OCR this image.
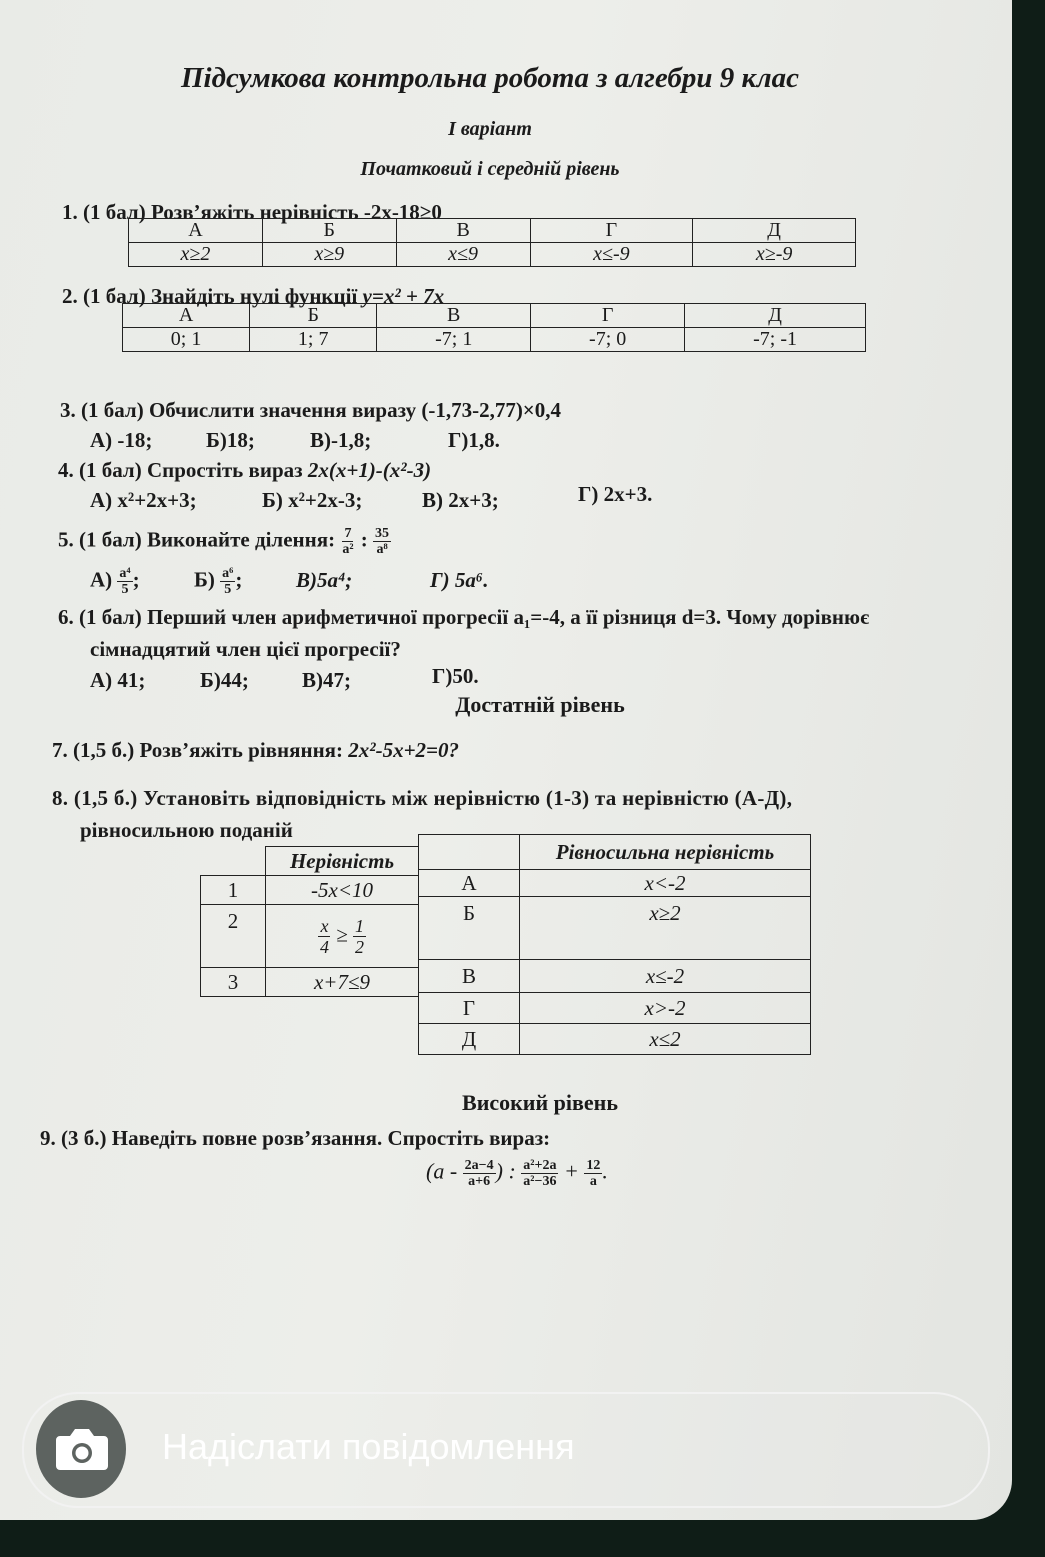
Підсумкова контрольна робота з алгебри 9 клас
І варіант
Початковий і середній рівень
1. (1 бал) Розв’яжіть нерівність -2х-18≥0
А	Б	В	Г	Д
x≥2	x≥9	x≤9	x≤-9	x≥-9
2. (1 бал) Знайдіть нулі функції y=x² + 7x
А	Б	В	Г	Д
0; 1	1; 7	-7; 1	-7; 0	-7; -1
3. (1 бал) Обчислити значення виразу (-1,73-2,77)×0,4
А) -18;	Б)18;	В)-1,8;	Г)1,8.
4. (1 бал) Спростіть вираз 2x(x+1)-(x²-3)
А) x²+2x+3;	Б) x²+2x-3;	В) 2x+3;	Г) 2x+3.
5. (1 бал) Виконайте ділення: $\frac{7}{\text{a²}}$ : $\frac{35}{\text{a⁸}}$
$А) \frac{\text{a⁴}}{5}$ ;	$Б) \frac{\text{a⁶}}{5}$ ;	В)5a⁴;	Г) 5a⁶.
6. (1 бал) Перший член арифметичної прогресії a₁=-4, а її різниця d=3. Чому дорівнює
сімнадцятий член цієї прогресії?
А) 41;	Б)44;	В)47;	Г)50.
Достатній рівень
7. (1,5 б.) Розв’яжіть рівняння: 2x²-5x+2=0?
8. (1,5 б.) Установіть відповідність між нерівністю (1-3) та нерівністю (А-Д),
рівносильною поданій
	Нерівність
1	-5x<10
2	$\frac{x}{4} \ge \frac{1}{2}$

3	x+7≤9
	Рівносильна нерівність
А	x<-2
Б	x≥2
В	x≤-2
Г	x>-2
Д	x≤2
Високий рівень
9. (3 б.) Наведіть повне розв’язання. Спростіть вираз:
($a - \frac{2a-4}{a+6}$ ) : $\frac{\text{a²+2a}}{\text{a²−36}} + \frac{12}{a}$ .
Надіслати повідомлення
